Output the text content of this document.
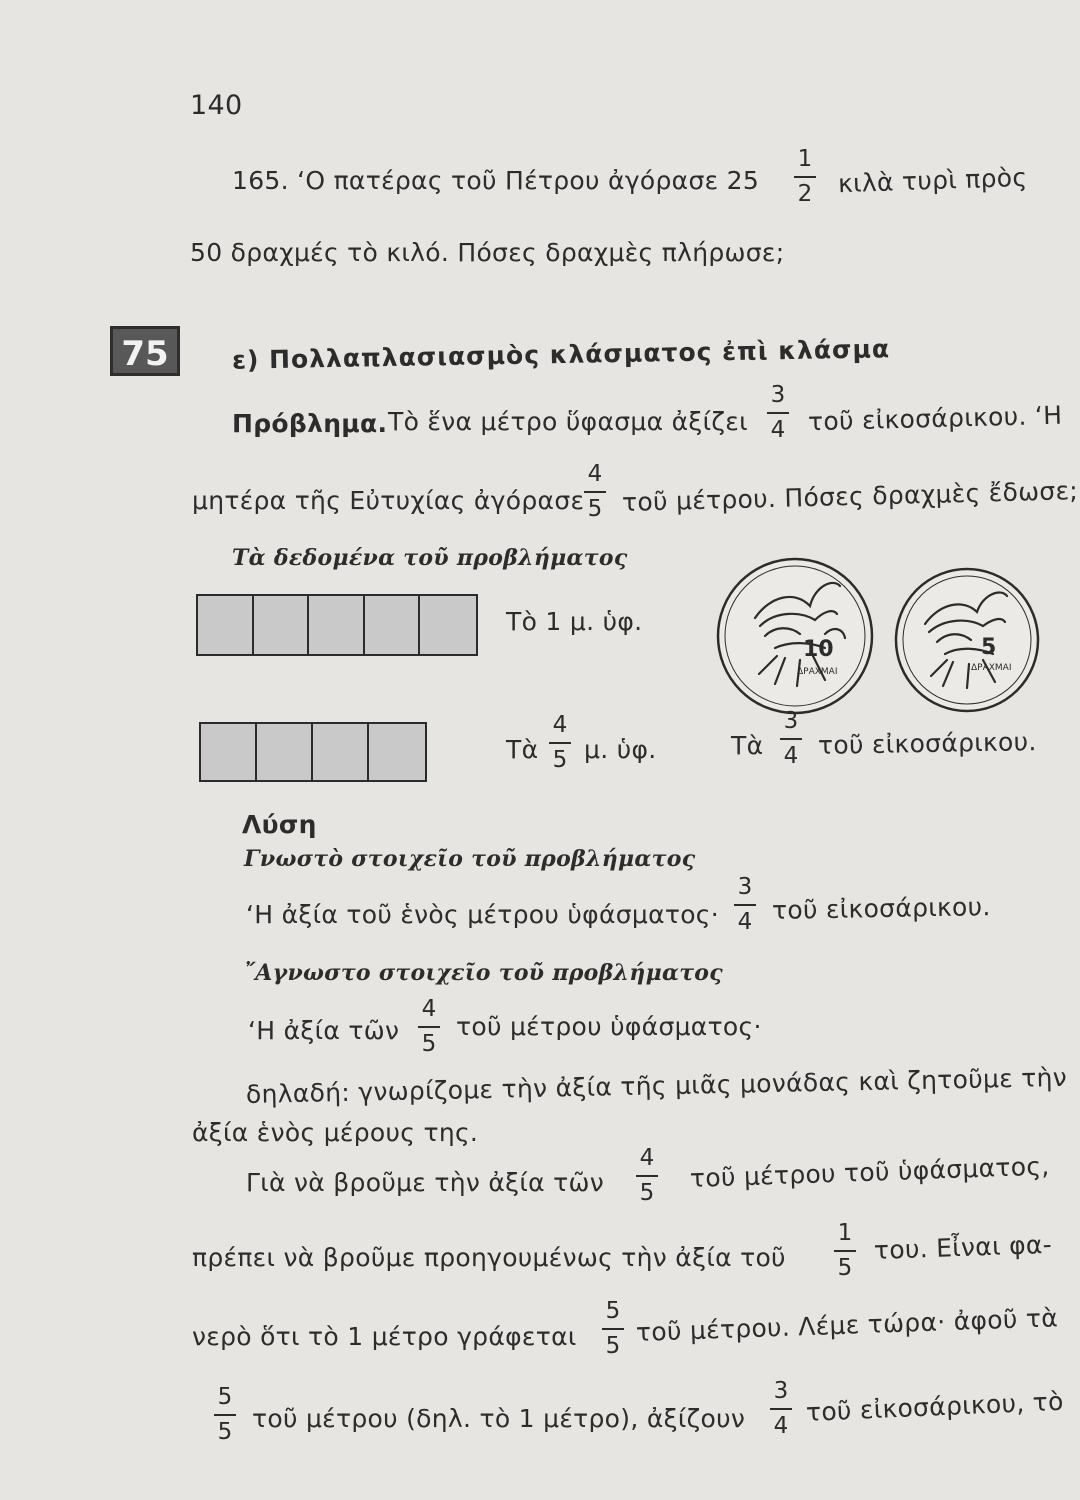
140
165. ‘Ο πατέρας τοῦ Πέτρου ἀγόρασε 25
1
2	κιλὰ τυρὶ πρὸς
50 δραχμές τὸ κιλό. Πόσες δραχμὲς πλήρωσε;
75	ε) Πολλαπλασιασμὸς κλάσματος ἐπὶ κλάσμα
Πρόβλημα. Τὸ ἕνα μέτρο ὕφασμα ἀξίζει
3
4 τοῦ εἰκοσάρικου. ‘Η
μητέρα τῆς Εὐτυχίας ἀγόρασε
4
5 τοῦ μέτρου. Πόσες δραχμὲς ἔδωσε;
Τὰ δεδομένα τοῦ προβλήματος
Τὸ 1 μ. ὑφ.
Τὰ
4
5 μ. ὑφ.
10
ΔΡΑΧΜΑΙ
5
ΔΡΑΧΜΑΙ
Τὰ
3
4 τοῦ εἰκοσάρικου.
Λύση
Γνωστὸ στοιχεῖο τοῦ προβλήματος
‘Η ἀξία τοῦ ἑνὸς μέτρου ὑφάσματος·
3
4 τοῦ εἰκοσάρικου.
῎Αγνωστο στοιχεῖο τοῦ προβλήματος
‘Η ἀξία τῶν
4
5
τοῦ μέτρου ὑφάσματος·
δηλαδή: γνωρίζομε τὴν ἀξία τῆς μιᾶς μονάδας καὶ ζητοῦμε τὴν
ἀξία ἑνὸς μέρους της.
Γιὰ νὰ βροῦμε τὴν ἀξία τῶν
4
5	τοῦ μέτρου τοῦ ὑφάσματος,
πρέπει νὰ βροῦμε προηγουμένως τὴν ἀξία τοῦ
1
5
του. Εἶναι φα-
νερὸ ὅτι τὸ 1 μέτρο γράφεται
5
5 τοῦ μέτρου. Λέμε τώρα· ἀφοῦ τὰ
5
5 τοῦ μέτρου (δηλ. τὸ 1 μέτρο), ἀξίζουν
3
4 τοῦ εἰκοσάρικου, τὸ
